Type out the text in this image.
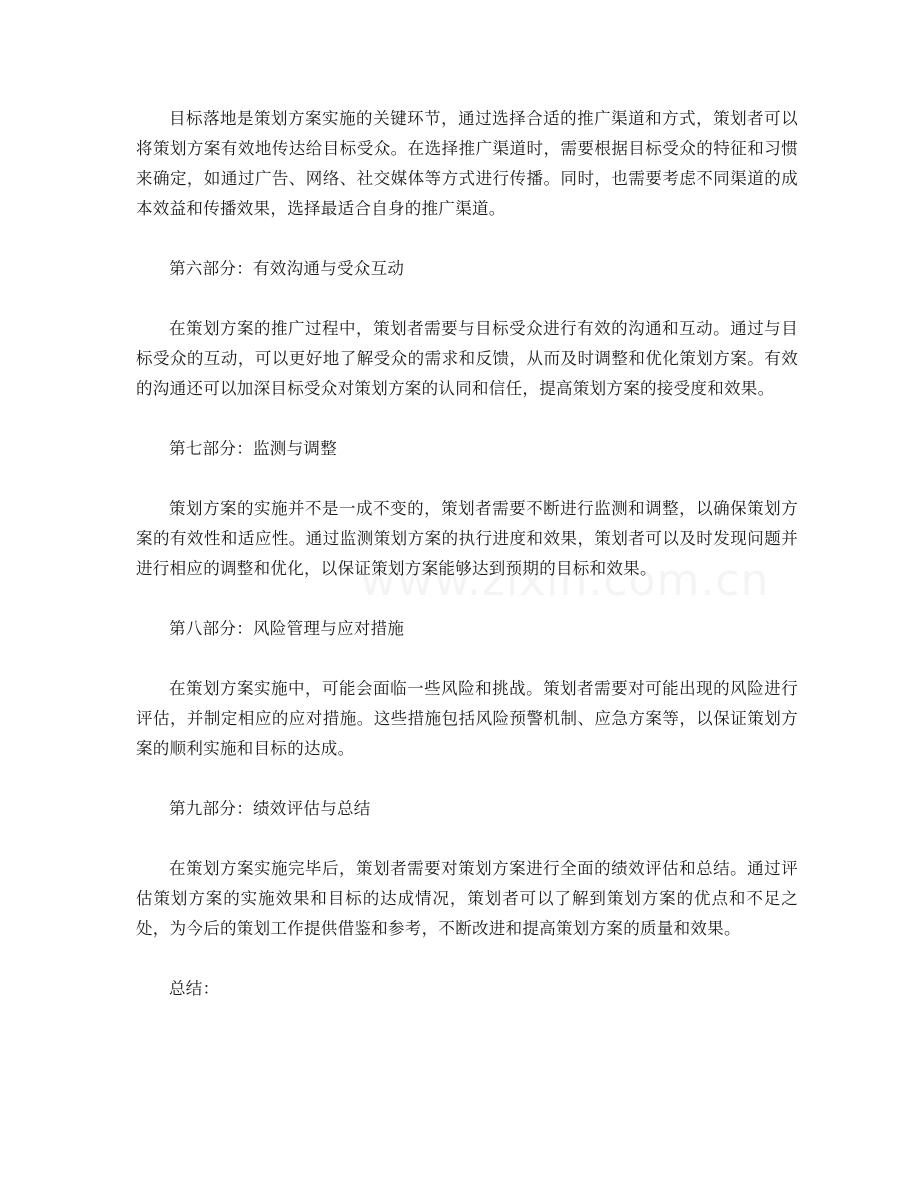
目标落地是策划方案实施的关键环节，通过选择合适的推广渠道和方式，策划者可以将策划方案有效地传达给目标受众。在选择推广渠道时，需要根据目标受众的特征和习惯来确定，如通过广告、网络、社交媒体等方式进行传播。同时，也需要考虑不同渠道的成本效益和传播效果，选择最适合自身的推广渠道。

第六部分：有效沟通与受众互动

在策划方案的推广过程中，策划者需要与目标受众进行有效的沟通和互动。通过与目标受众的互动，可以更好地了解受众的需求和反馈，从而及时调整和优化策划方案。有效的沟通还可以加深目标受众对策划方案的认同和信任，提高策划方案的接受度和效果。

第七部分：监测与调整

策划方案的实施并不是一成不变的，策划者需要不断进行监测和调整，以确保策划方案的有效性和适应性。通过监测策划方案的执行进度和效果，策划者可以及时发现问题并进行相应的调整和优化，以保证策划方案能够达到预期的目标和效果。

第八部分：风险管理与应对措施

在策划方案实施中，可能会面临一些风险和挑战。策划者需要对可能出现的风险进行评估，并制定相应的应对措施。这些措施包括风险预警机制、应急方案等，以保证策划方案的顺利实施和目标的达成。

第九部分：绩效评估与总结

在策划方案实施完毕后，策划者需要对策划方案进行全面的绩效评估和总结。通过评估策划方案的实施效果和目标的达成情况，策划者可以了解到策划方案的优点和不足之处，为今后的策划工作提供借鉴和参考，不断改进和提高策划方案的质量和效果。

总结：
